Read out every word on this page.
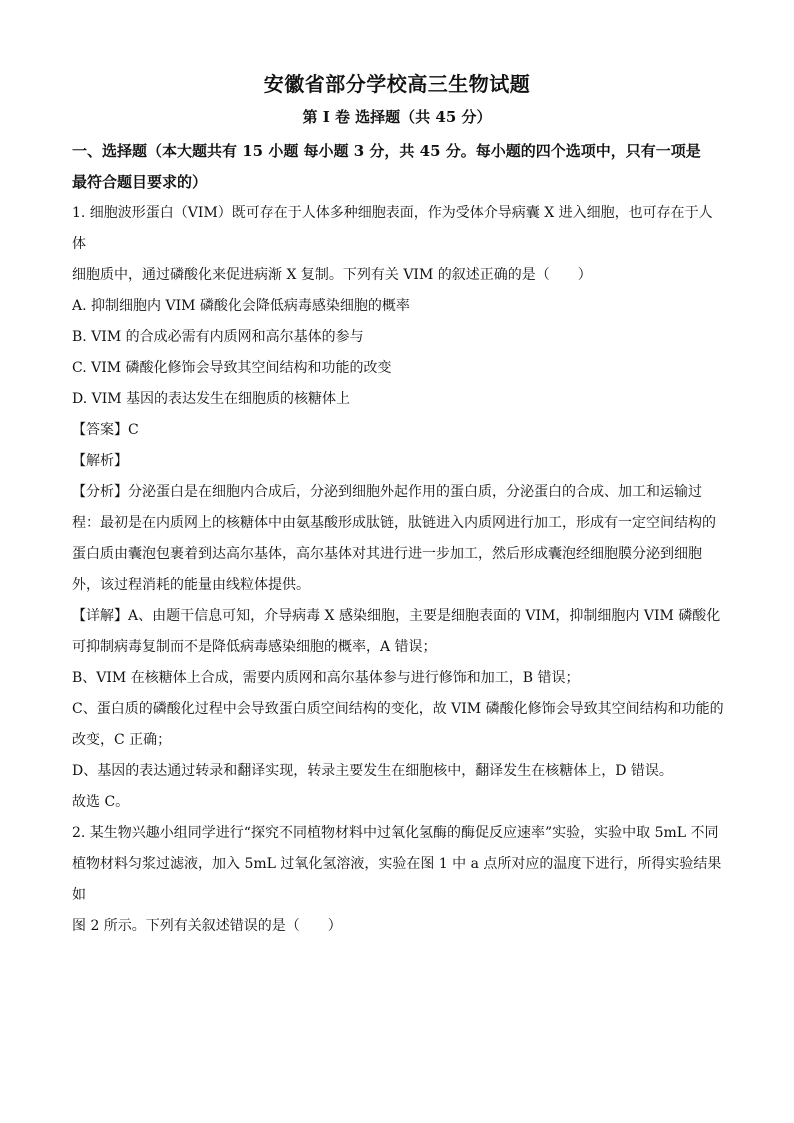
安徽省部分学校高三生物试题
第 I 卷 选择题（共 45 分）

一、选择题（本大题共有 15 小题 每小题 3 分，共 45 分。每小题的四个选项中，只有一项是

最符合题目要求的）

1. 细胞波形蛋白（VIM）既可存在于人体多种细胞表面，作为受体介导病囊 X 进入细胞，也可存在于人体

细胞质中，通过磷酸化来促进病渐 X 复制。下列有关 VIM 的叙述正确的是（　　）

A. 抑制细胞内 VIM 磷酸化会降低病毒感染细胞的概率

B. VIM 的合成必需有内质网和高尔基体的参与

C. VIM 磷酸化修饰会导致其空间结构和功能的改变

D. VIM 基因的表达发生在细胞质的核糖体上

【答案】C

【解析】

【分析】分泌蛋白是在细胞内合成后，分泌到细胞外起作用的蛋白质，分泌蛋白的合成、加工和运输过

程：最初是在内质网上的核糖体中由氨基酸形成肽链，肽链进入内质网进行加工，形成有一定空间结构的

蛋白质由囊泡包裹着到达高尔基体，高尔基体对其进行进一步加工，然后形成囊泡经细胞膜分泌到细胞

外，该过程消耗的能量由线粒体提供。

【详解】A、由题干信息可知，介导病毒 X 感染细胞，主要是细胞表面的 VIM，抑制细胞内 VIM 磷酸化

可抑制病毒复制而不是降低病毒感染细胞的概率，A 错误；

B、VIM 在核糖体上合成，需要内质网和高尔基体参与进行修饰和加工，B 错误；

C、蛋白质的磷酸化过程中会导致蛋白质空间结构的变化，故 VIM 磷酸化修饰会导致其空间结构和功能的

改变，C 正确；

D、基因的表达通过转录和翻译实现，转录主要发生在细胞核中，翻译发生在核糖体上，D 错误。

故选 C。

2. 某生物兴趣小组同学进行“探究不同植物材料中过氧化氢酶的酶促反应速率”实验，实验中取 5mL 不同

植物材料匀浆过滤液，加入 5mL 过氧化氢溶液，实验在图 1 中 a 点所对应的温度下进行，所得实验结果如

图 2 所示。下列有关叙述错误的是（　　）
